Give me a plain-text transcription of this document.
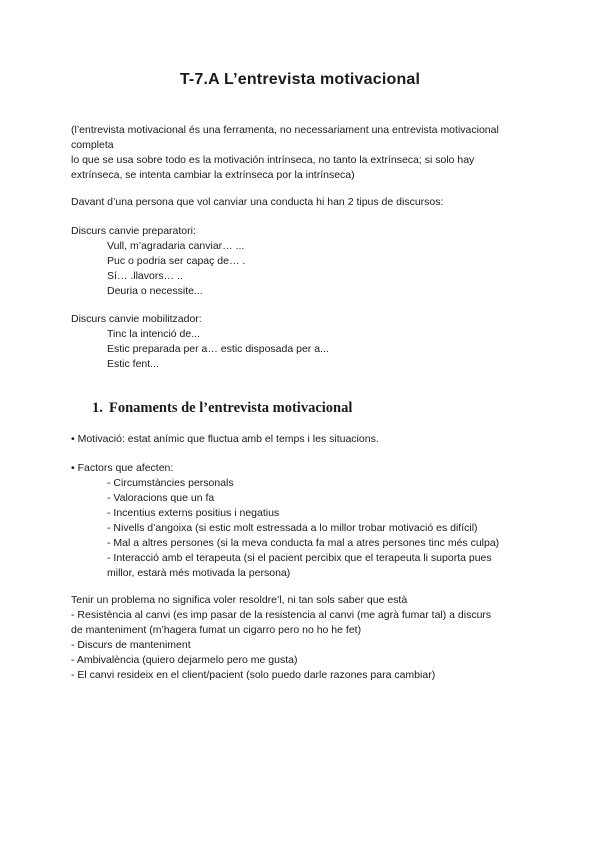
T-7.A L’entrevista motivacional
(l’entrevista motivacional és una ferramenta, no necessariament una entrevista motivacional
completa
lo que se usa sobre todo es la motivación intrínseca, no tanto la extrínseca; si solo hay
extrínseca, se intenta cambiar la extrínseca por la intrínseca)
Davant d’una persona que vol canviar una conducta hi han 2 tipus de discursos:
Discurs canvie preparatori:
Vull, m’agradaria canviar… ...
Puc o podria ser capaç de… .
Sí… .llavors… ..
Deuria o necessite...
Discurs canvie mobilitzador:
Tinc la intenció de...
Estic preparada per a… estic disposada per a...
Estic fent...
1. Fonaments de l’entrevista motivacional
• Motivació: estat anímic que fluctua amb el temps i les situacions.
• Factors que afecten:
- Circumstàncies personals
- Valoracions que un fa
- Incentius externs positius i negatius
- Nivells d’angoixa (si estic molt estressada a lo millor trobar motivació es difícil)
- Mal a altres persones (si la meva conducta fa mal a atres persones tinc més culpa)
- Interacció amb el terapeuta (si el pacient percibix que el terapeuta li suporta pues
millor, estarà més motivada la persona)
Tenir un problema no significa voler resoldre’l, ni tan sols saber que està
- Resistència al canvi (es imp pasar de la resistencia al canvi (me agrà fumar tal) a discurs
de manteniment (m’hagera fumat un cigarro pero no ho he fet)
- Discurs de manteniment
- Ambivalència (quiero dejarmelo pero me gusta)
- El canvi resideix en el client/pacient (solo puedo darle razones para cambiar)
